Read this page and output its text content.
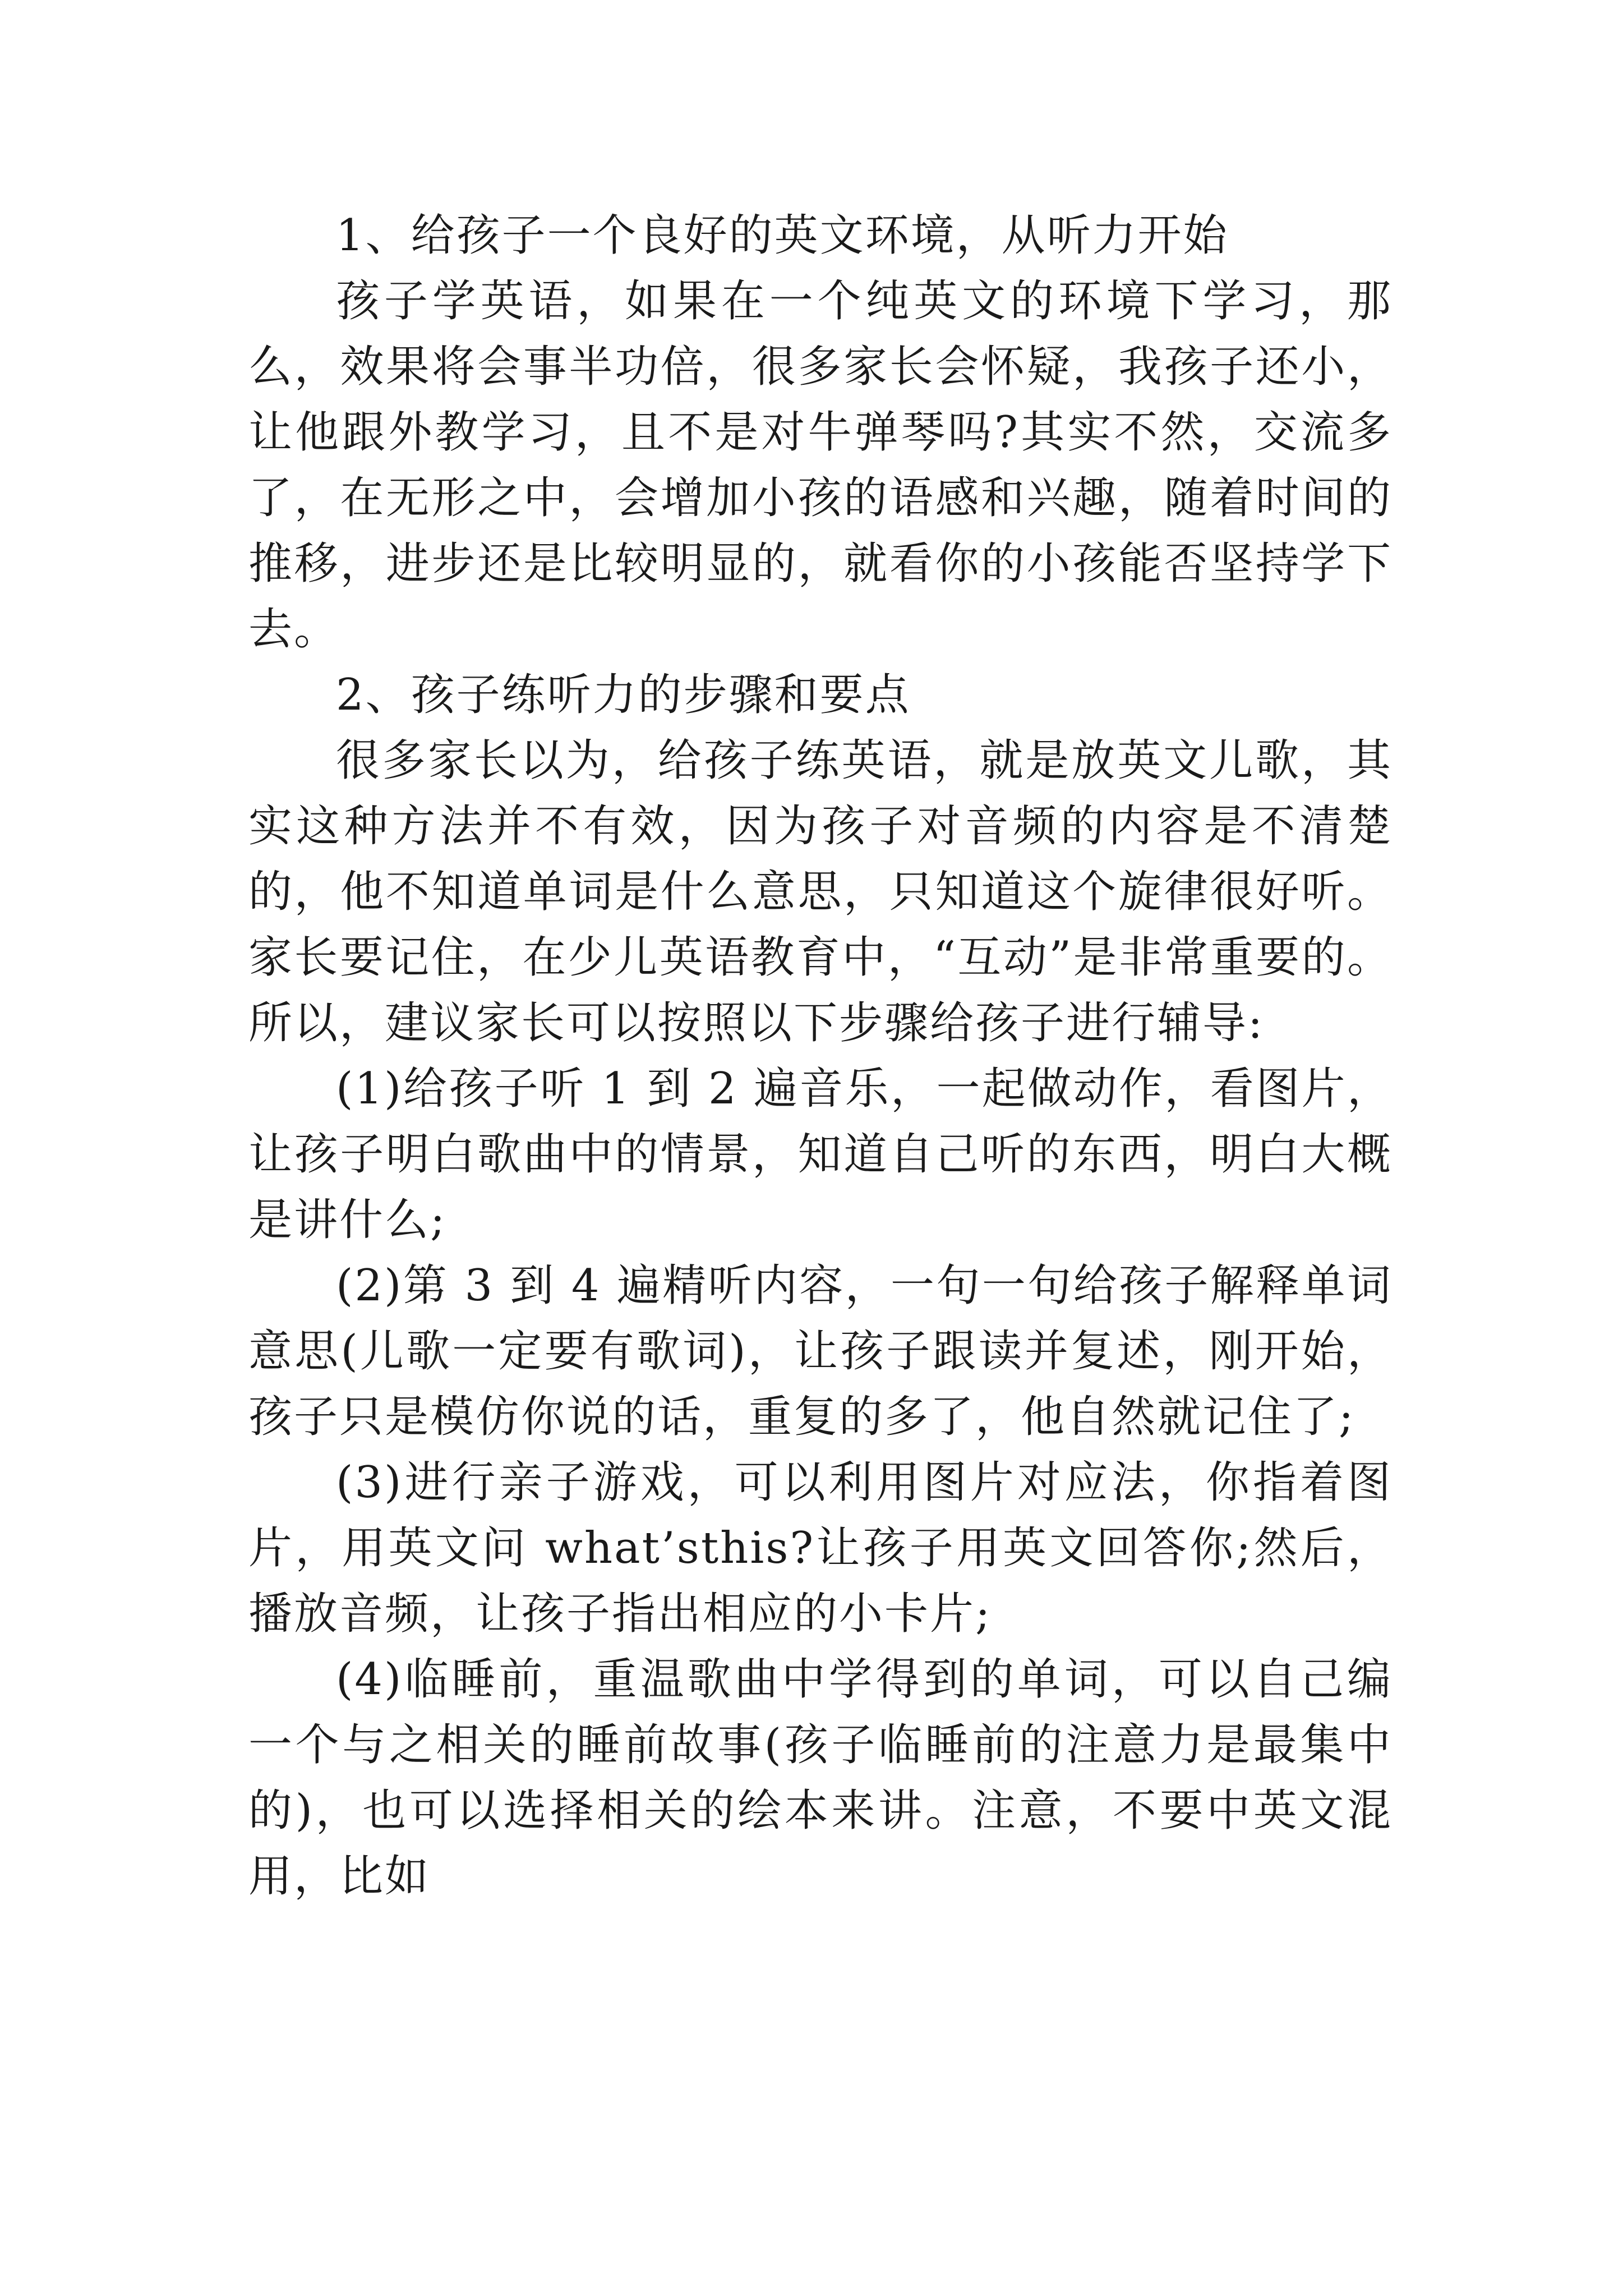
1、给孩子一个良好的英文环境，从听力开始

孩子学英语，如果在一个纯英文的环境下学习，那么，效果将会事半功倍，很多家长会怀疑，我孩子还小，让他跟外教学习，且不是对牛弹琴吗?其实不然，交流多了，在无形之中，会增加小孩的语感和兴趣，随着时间的推移，进步还是比较明显的，就看你的小孩能否坚持学下去。

2、孩子练听力的步骤和要点

很多家长以为，给孩子练英语，就是放英文儿歌，其实这种方法并不有效，因为孩子对音频的内容是不清楚的，他不知道单词是什么意思，只知道这个旋律很好听。家长要记住，在少儿英语教育中，“互动”是非常重要的。所以，建议家长可以按照以下步骤给孩子进行辅导:

(1)给孩子听 1 到 2 遍音乐，一起做动作，看图片，让孩子明白歌曲中的情景，知道自己听的东西，明白大概是讲什么;

(2)第 3 到 4 遍精听内容，一句一句给孩子解释单词意思(儿歌一定要有歌词)，让孩子跟读并复述，刚开始，孩子只是模仿你说的话，重复的多了，他自然就记住了;

(3)进行亲子游戏，可以利用图片对应法，你指着图片，用英文问 what’sthis?让孩子用英文回答你;然后，播放音频，让孩子指出相应的小卡片;

(4)临睡前，重温歌曲中学得到的单词，可以自己编一个与之相关的睡前故事(孩子临睡前的注意力是最集中的)，也可以选择相关的绘本来讲。注意，不要中英文混用，比如
